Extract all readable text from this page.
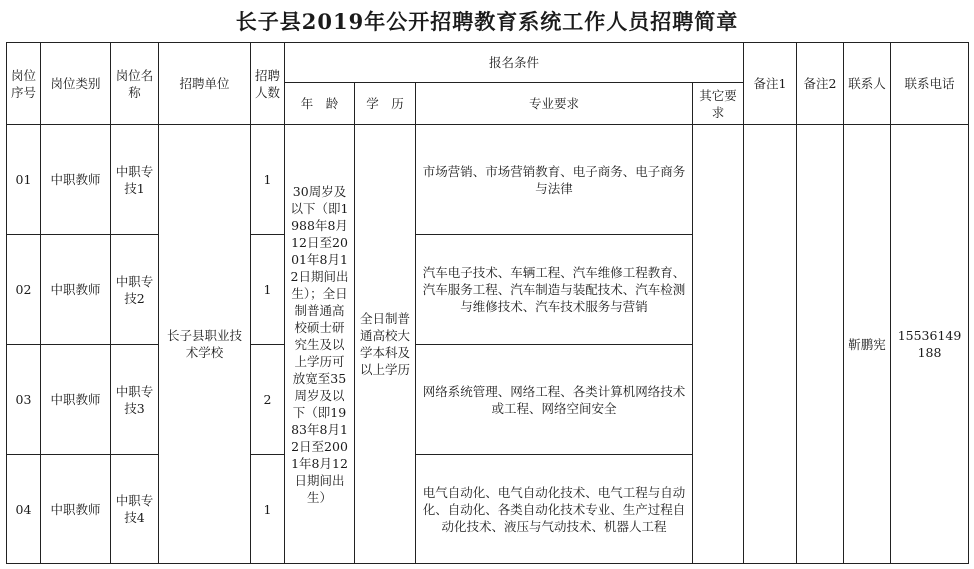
长子县2019年公开招聘教育系统工作人员招聘简章
岗位序号	岗位类别	岗位名称	招聘单位	招聘人数	报名条件				备注1	备注2	联系人	联系电话
					年　龄	学　历	专业要求	其它要求				
01	中职教师	中职专技1	长子县职业技术学校	1	30周岁及以下（即1988年8月12日至2001年8月12日期间出生）；全日制普通高校硕士研究生及以上学历可放宽至35周岁及以下（即1983年8月12日至2001年8月12日期间出生）	全日制普通高校大学本科及以上学历	市场营销、市场营销教育、电子商务、电子商务与法律				靳鹏宪	15536149188
02	中职教师	中职专技2		1			汽车电子技术、车辆工程、汽车维修工程教育、汽车服务工程、汽车制造与装配技术、汽车检测与维修技术、汽车技术服务与营销					
03	中职教师	中职专技3		2			网络系统管理、网络工程、各类计算机网络技术或工程、网络空间安全					
04	中职教师	中职专技4		1			电气自动化、电气自动化技术、电气工程与自动化、自动化、各类自动化技术专业、生产过程自动化技术、液压与气动技术、机器人工程					
